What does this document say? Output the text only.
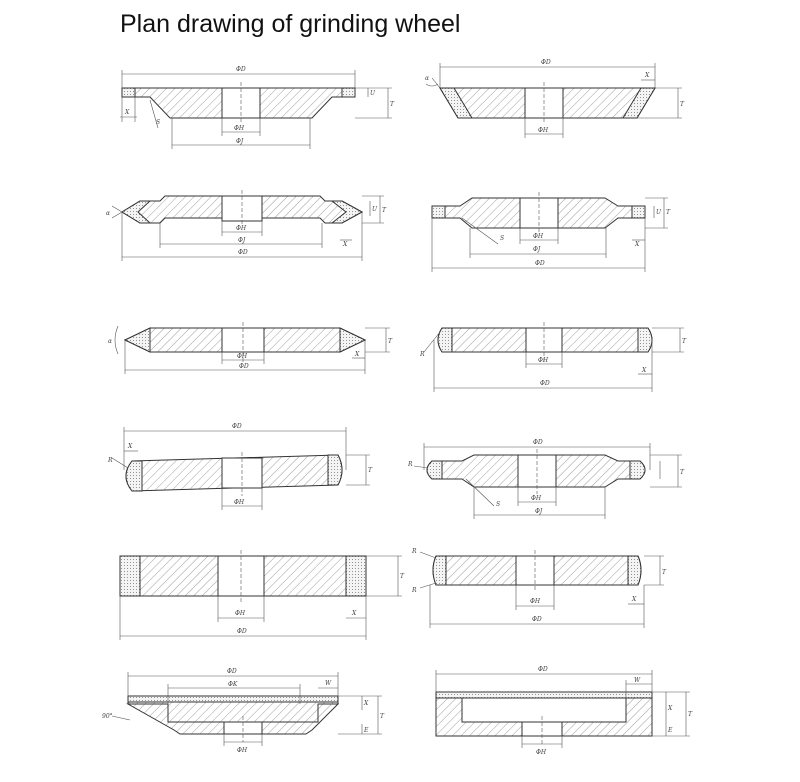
Plan drawing of grinding wheel
ΦD
ΦJ
ΦH
X
S
U
T
ΦD
ΦH
α	X
T
ΦD
ΦJ
ΦH
α
X
U T
ΦD
ΦJ
ΦH
S
X
U T
ΦD
ΦH
α
X
T
ΦD
ΦH
R
X
T
ΦD
ΦH
R
X
T
ΦD
ΦJ
ΦH
R
S
T
ΦD
ΦH	X
T
ΦD
ΦH
R
R
X
T
ΦD
ΦK
ΦH
W
X
E
T
90°
ΦD
ΦH
W
X
E
T
